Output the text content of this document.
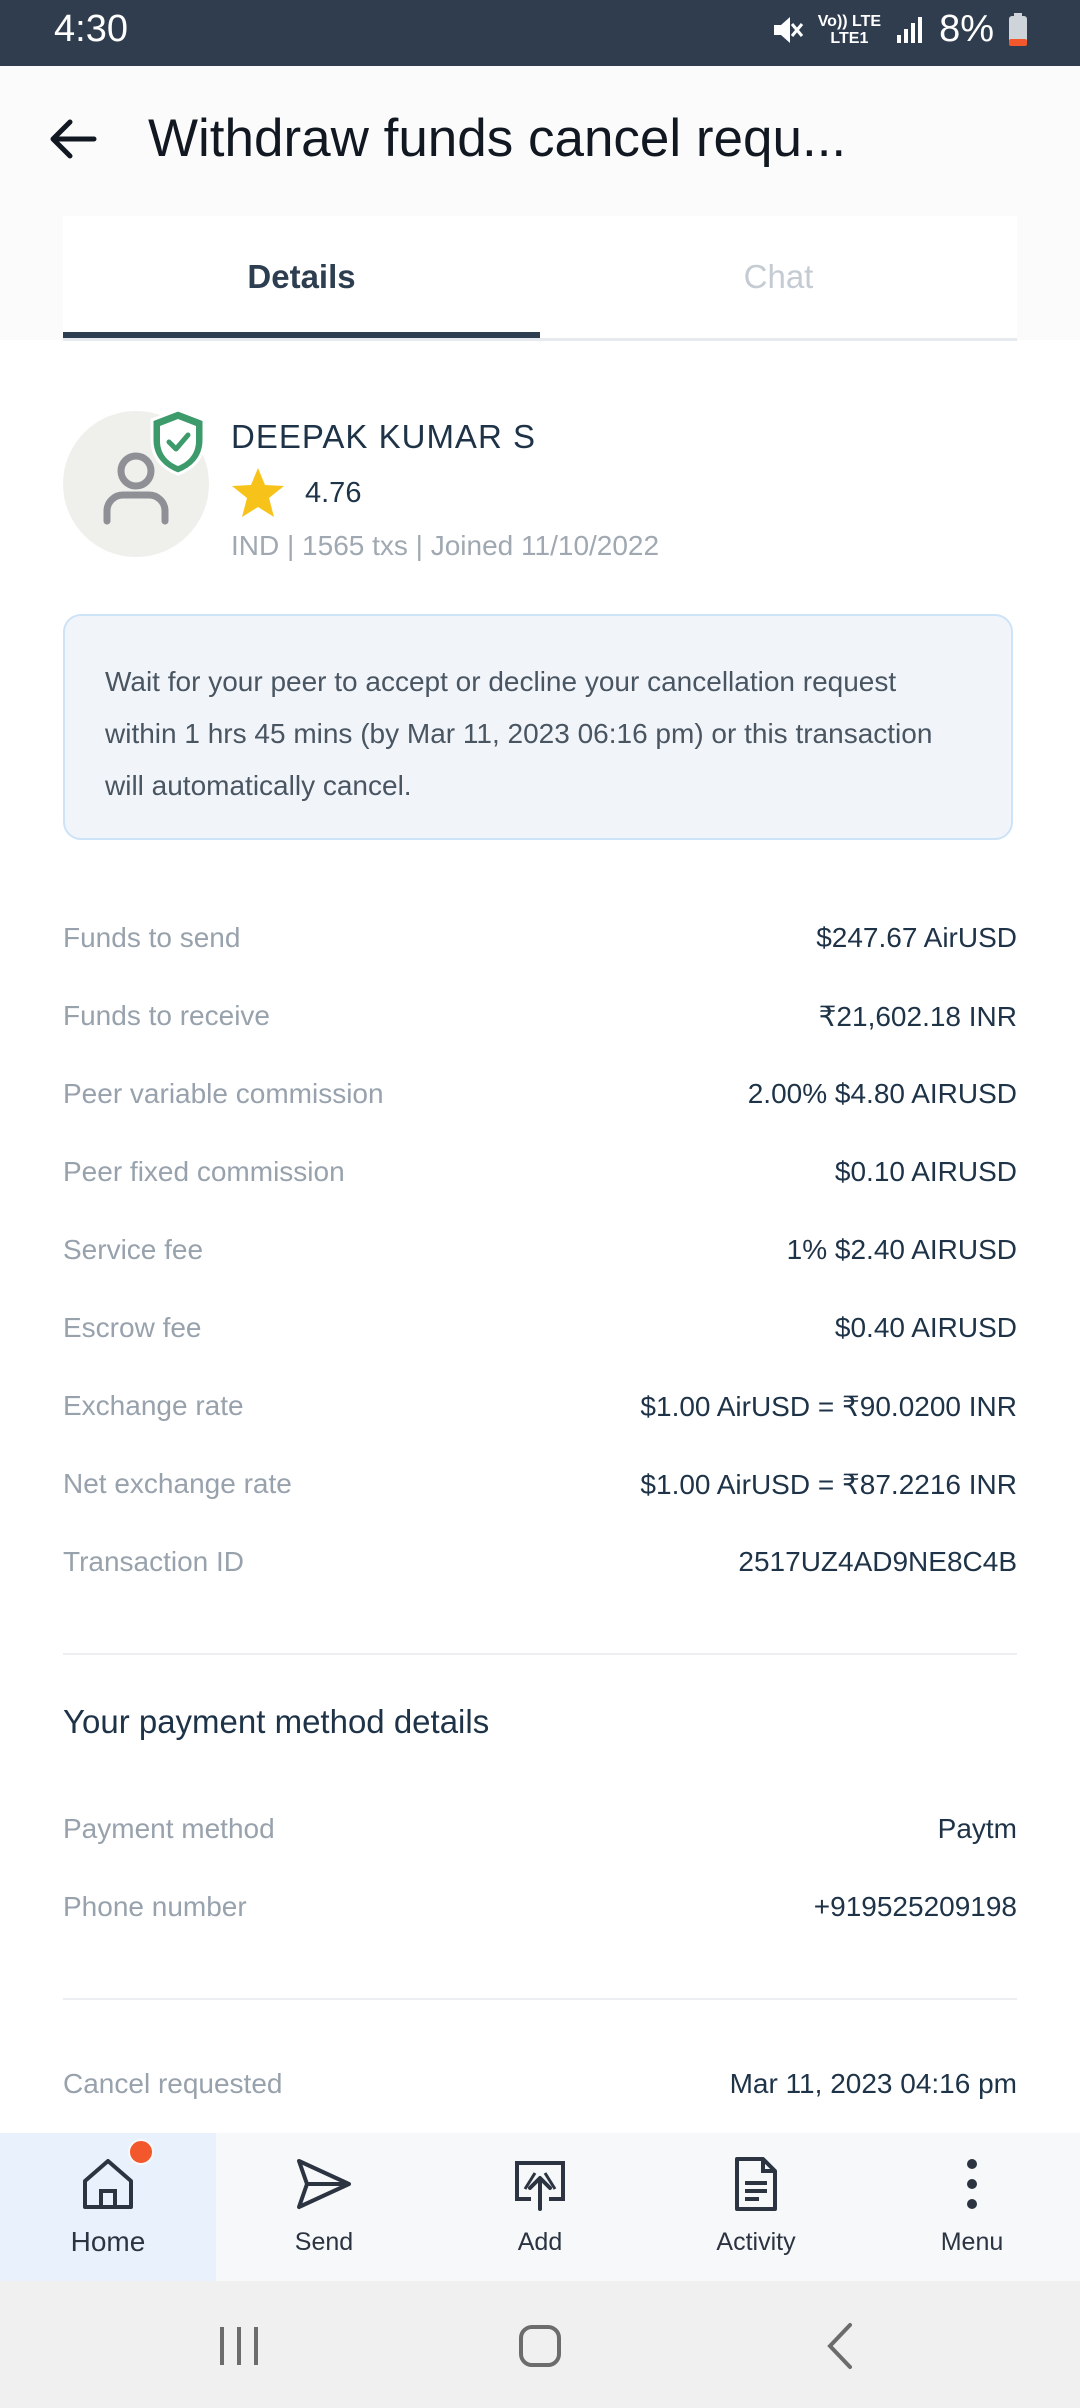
4:30	Vo)) LTE
LTE1	8%
Withdraw funds cancel requ...
Details	Chat
DEEPAK KUMAR S
4.76
IND | 1565 txs | Joined 11/10/2022
Wait for your peer to accept or decline your cancellation request within 1 hrs 45 mins (by Mar 11, 2023 06:16 pm) or this transaction will automatically cancel.
Funds to send	$247.67 AirUSD
Funds to receive	₹21,602.18 INR
Peer variable commission	2.00% $4.80 AIRUSD
Peer fixed commission	$0.10 AIRUSD
Service fee	1% $2.40 AIRUSD
Escrow fee	$0.40 AIRUSD
Exchange rate	$1.00 AirUSD = ₹90.0200 INR
Net exchange rate	$1.00 AirUSD = ₹87.2216 INR
Transaction ID	2517UZ4AD9NE8C4B
Your payment method details
Payment method	Paytm
Phone number	+919525209198
Cancel requested	Mar 11, 2023 04:16 pm
Home	Send	Add	Activity	Menu
